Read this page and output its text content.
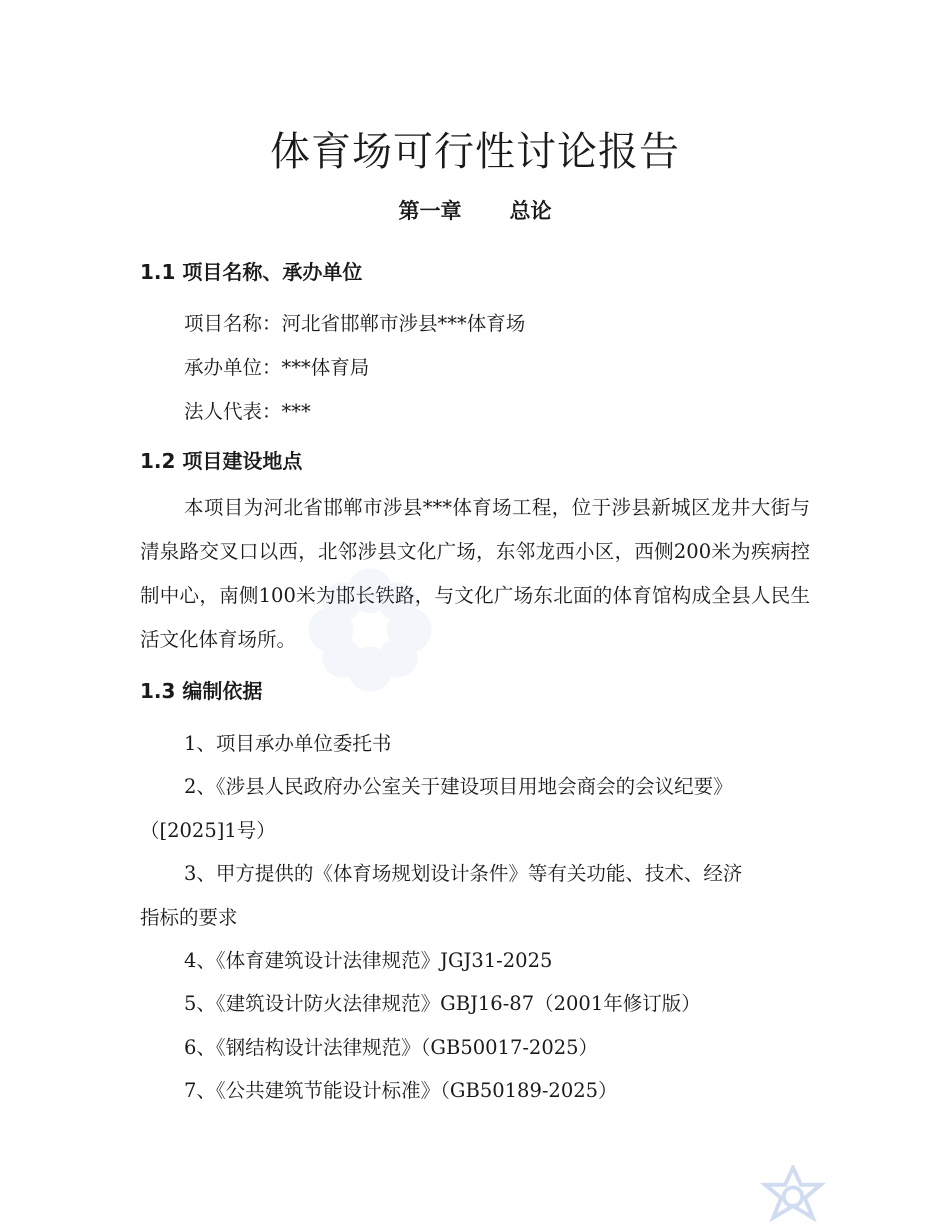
体育场可行性讨论报告
第一章 总论
1.1 项目名称、承办单位
项目名称：河北省邯郸市涉县***体育场
承办单位：***体育局
法人代表：***
1.2 项目建设地点
本项目为河北省邯郸市涉县***体育场工程，位于涉县新城区龙井大街与清泉路交叉口以西，北邻涉县文化广场，东邻龙西小区，西侧200米为疾病控制中心，南侧100米为邯长铁路，与文化广场东北面的体育馆构成全县人民生活文化体育场所。
1.3 编制依据
1、项目承办单位委托书
2、《涉县人民政府办公室关于建设项目用地会商会的会议纪要》
（[2025]1号）
3、甲方提供的《体育场规划设计条件》等有关功能、技术、经济
指标的要求
4、《体育建筑设计法律规范》JGJ31-2025
5、《建筑设计防火法律规范》GBJ16-87（2001年修订版）
6、《钢结构设计法律规范》（GB50017-2025）
7、《公共建筑节能设计标准》（GB50189-2025）
